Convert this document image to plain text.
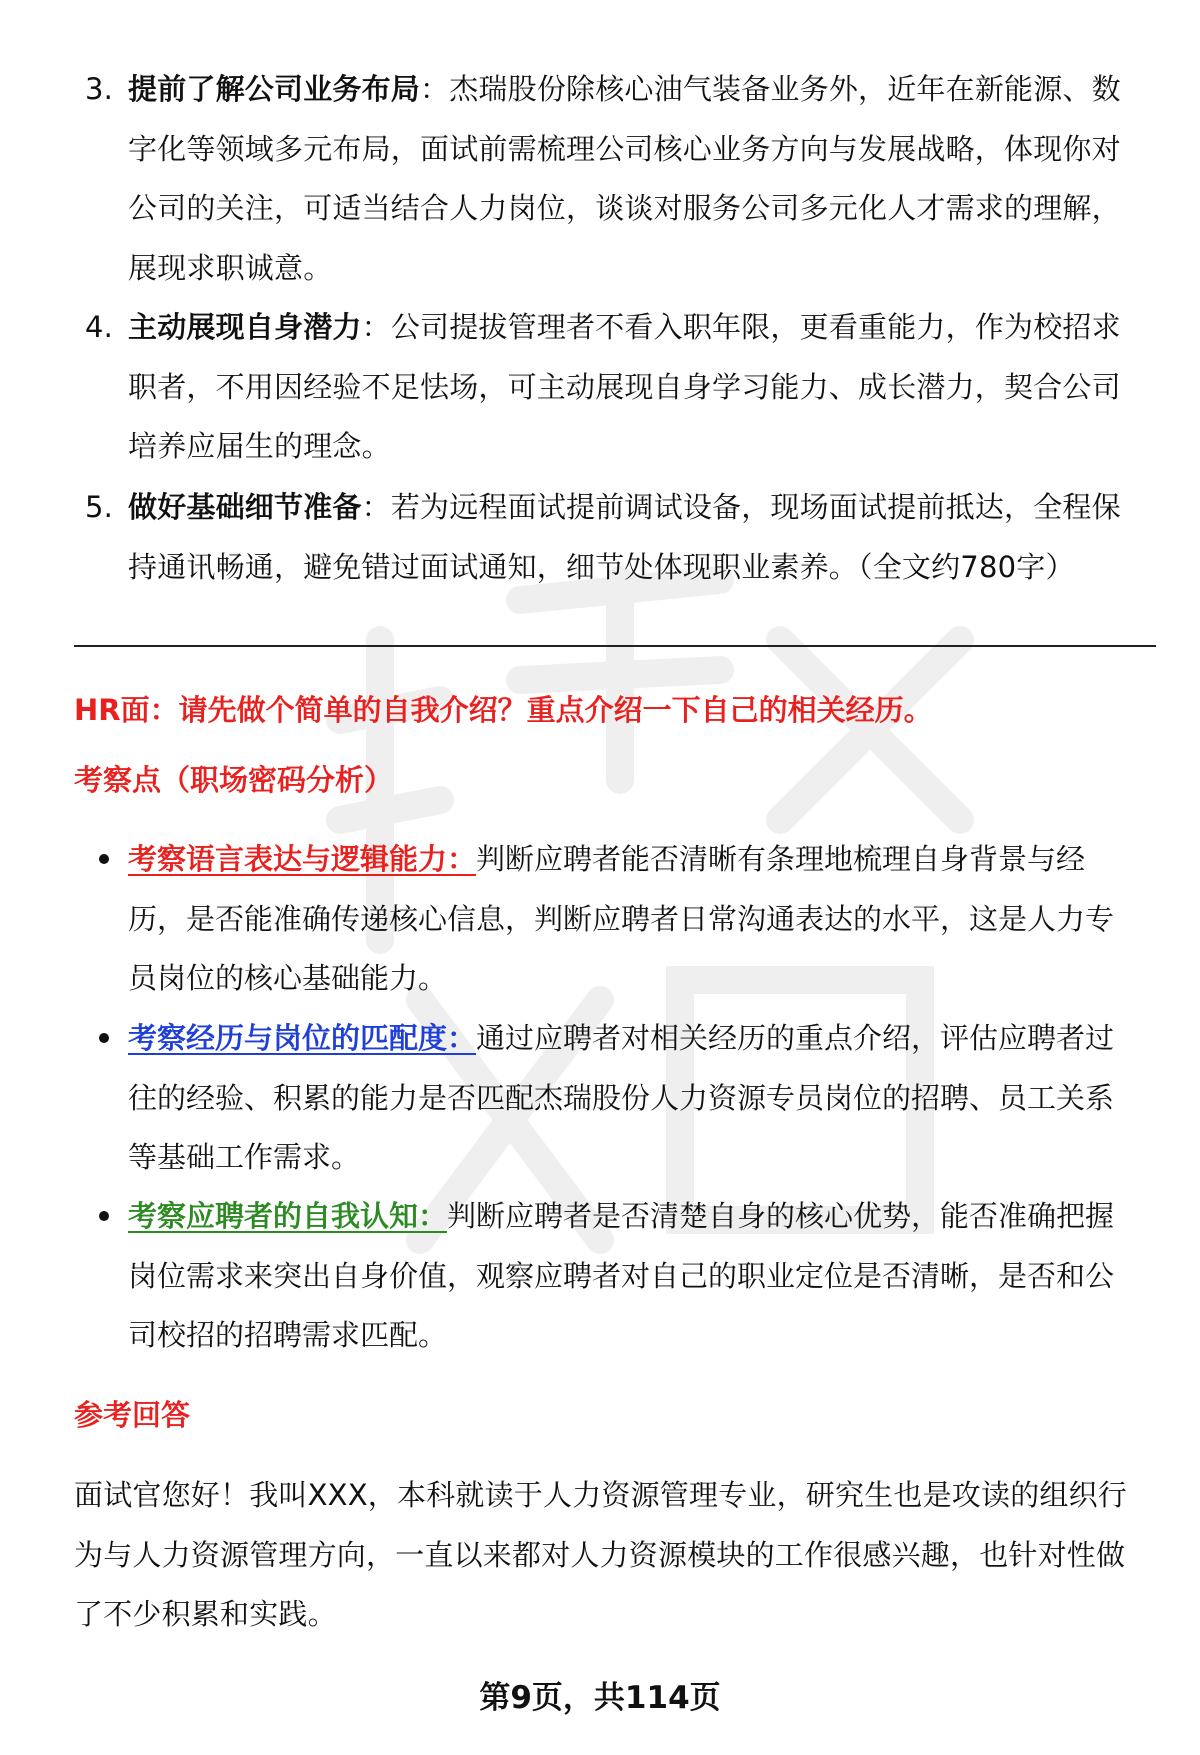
3. 提前了解公司业务布局：杰瑞股份除核心油气装备业务外，近年在新能源、数
字化等领域多元布局，面试前需梳理公司核心业务方向与发展战略，体现你对
公司的关注，可适当结合人力岗位，谈谈对服务公司多元化人才需求的理解，
展现求职诚意。
4. 主动展现自身潜力：公司提拔管理者不看入职年限，更看重能力，作为校招求
职者，不用因经验不足怯场，可主动展现自身学习能力、成长潜力，契合公司
培养应届生的理念。
5. 做好基础细节准备：若为远程面试提前调试设备，现场面试提前抵达，全程保
持通讯畅通，避免错过面试通知，细节处体现职业素养。（全文约780字）
HR面：请先做个简单的自我介绍？重点介绍一下自己的相关经历。
考察点（职场密码分析）
考察语言表达与逻辑能力：判断应聘者能否清晰有条理地梳理自身背景与经
历，是否能准确传递核心信息，判断应聘者日常沟通表达的水平，这是人力专
员岗位的核心基础能力。
考察经历与岗位的匹配度：通过应聘者对相关经历的重点介绍，评估应聘者过
往的经验、积累的能力是否匹配杰瑞股份人力资源专员岗位的招聘、员工关系
等基础工作需求。
考察应聘者的自我认知：判断应聘者是否清楚自身的核心优势，能否准确把握
岗位需求来突出自身价值，观察应聘者对自己的职业定位是否清晰，是否和公
司校招的招聘需求匹配。
参考回答
面试官您好！我叫XXX，本科就读于人力资源管理专业，研究生也是攻读的组织行
为与人力资源管理方向，一直以来都对人力资源模块的工作很感兴趣，也针对性做
了不少积累和实践。
第9页，共114页
